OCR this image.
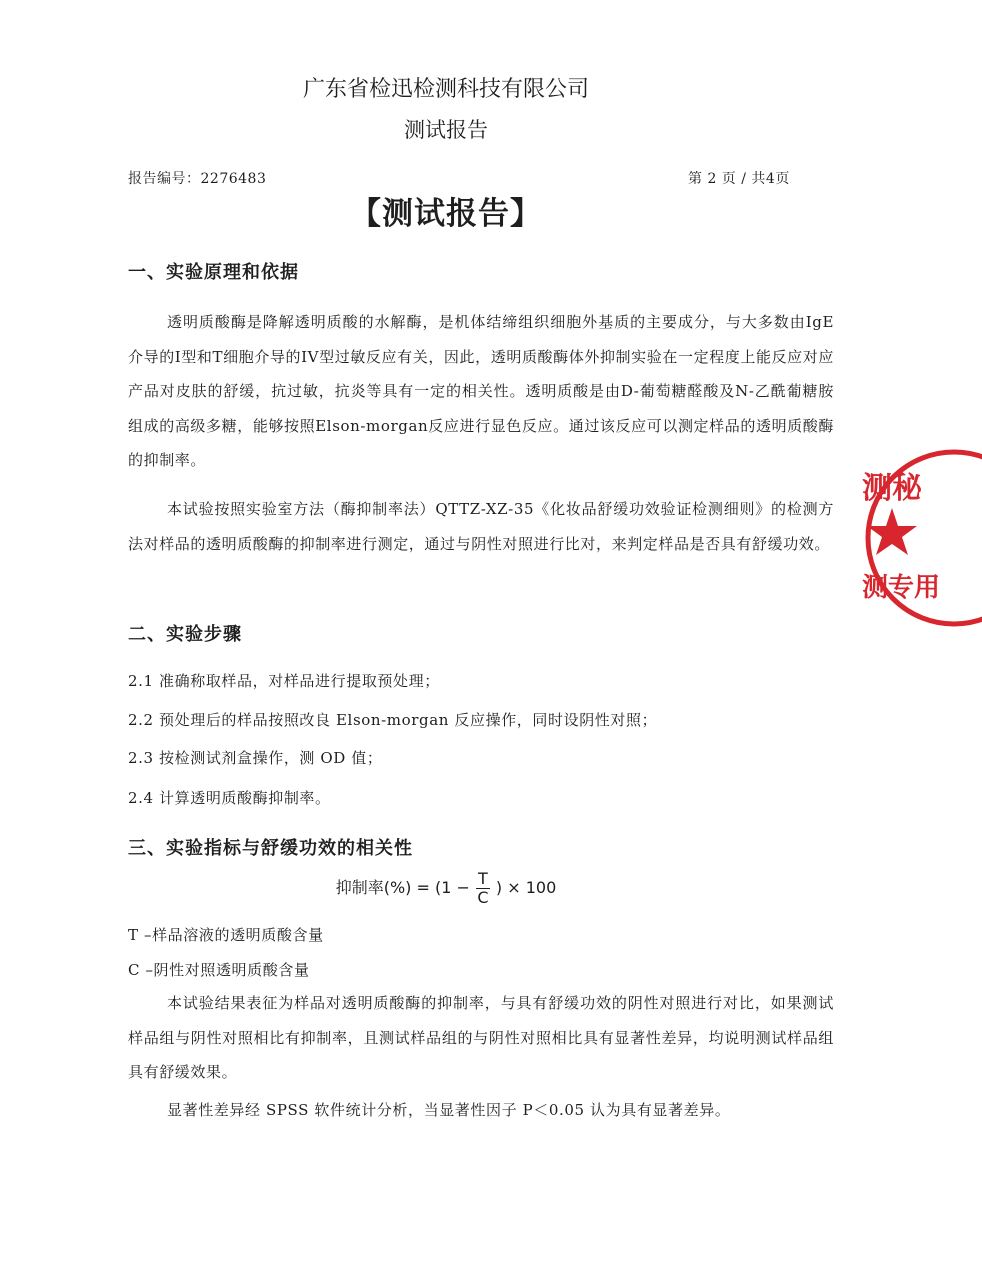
广东省检迅检测科技有限公司
测试报告
报告编号：2276483	第 2 页 / 共4页
【测试报告】
一、实验原理和依据

透明质酸酶是降解透明质酸的水解酶，是机体结缔组织细胞外基质的主要成分，与大多数由IgE介导的I型和T细胞介导的IV型过敏反应有关，因此，透明质酸酶体外抑制实验在一定程度上能反应对应产品对皮肤的舒缓，抗过敏，抗炎等具有一定的相关性。透明质酸是由D-葡萄糖醛酸及N-乙酰葡糖胺组成的高级多糖，能够按照Elson-morgan反应进行显色反应。通过该反应可以测定样品的透明质酸酶的抑制率。

本试验按照实验室方法（酶抑制率法）QTTZ-XZ-35《化妆品舒缓功效验证检测细则》的检测方法对样品的透明质酸酶的抑制率进行测定，通过与阴性对照进行比对，来判定样品是否具有舒缓功效。

二、实验步骤
2.1 准确称取样品，对样品进行提取预处理；
2.2 预处理后的样品按照改良 Elson-morgan 反应操作，同时设阴性对照；
2.3 按检测试剂盒操作，测 OD 值；
2.4 计算透明质酸酶抑制率。
三、实验指标与舒缓功效的相关性
抑制率(%) = ($1 - \frac{T}{C}$ ) × 100
T –样品溶液的透明质酸含量
C –阴性对照透明质酸含量

本试验结果表征为样品对透明质酸酶的抑制率，与具有舒缓功效的阴性对照进行对比，如果测试样品组与阴性对照相比有抑制率，且测试样品组的与阴性对照相比具有显著性差异，均说明测试样品组具有舒缓效果。

显著性差异经 SPSS 软件统计分析，当显著性因子 P＜0.05 认为具有显著差异。

测秘
测专用
